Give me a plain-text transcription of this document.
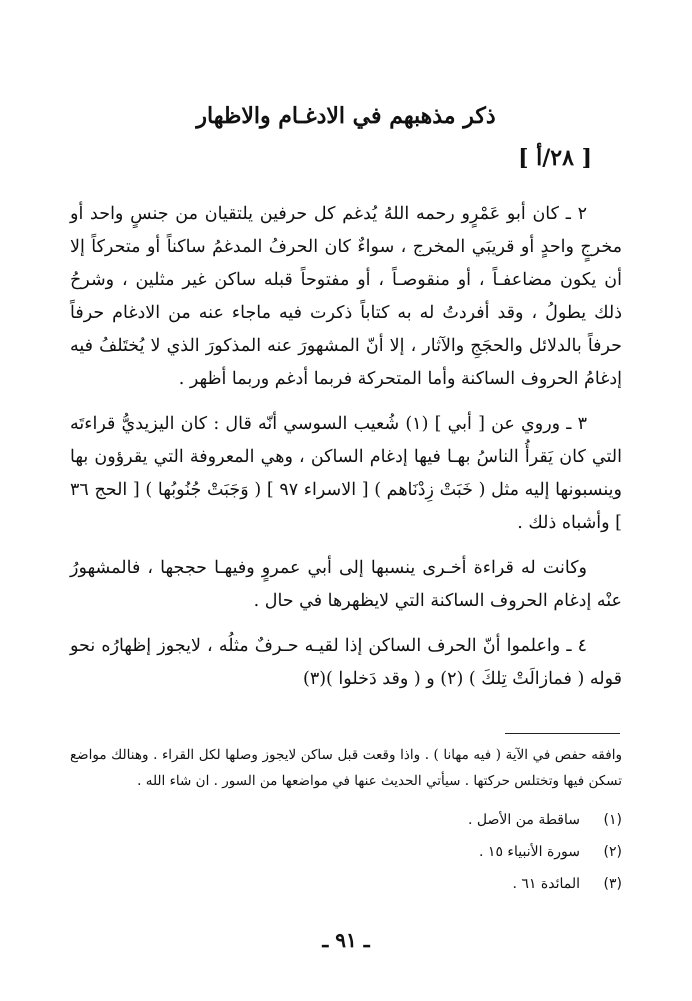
ذكر مذهبهم في الادغـام والاظهار
[ ٢٨/أ ]

٢ ـ كان أبو عَمْرٍو رحمه اللهُ يُدغم كل حرفين يلتقيان من جنسٍ واحد أو مخرجٍ واحدٍ أو قريبَي المخرج ، سواءٌ كان الحرفُ المدغمُ ساكناً أو متحركاً إلا أن يكون مضاعفـاً ، أو منقوصـاً ، أو مفتوحاً قبله ساكن غير مثلين ، وشرحُ ذلك يطولُ ، وقد أفردتُ له به كتاباً ذكرت فيه ماجاء عنه من الادغام حرفاً حرفاً بالدلائل والحجَجِ والآثار ، إلا أنّ المشهورَ عنه المذكورَ الذي لا يُختَلفُ فيه إدغامُ الحروف الساكنة وأما المتحركة فربما أدغم وربما أظهر .

٣ ـ وروي عن [ أبي ] (١) شُعيب السوسي أنّه قال : كان اليزيديُّ قراءتَه التي كان يَقرأُ الناسُ بهـا فيها إدغام الساكن ، وهي المعروفة التي يقرؤون بها وينسبونها إليه مثل ( خَبَتْ زِدْنَاهم ) [ الاسراء ٩٧ ] ( وَجَبَتْ جُنُوبُها ) [ الحج ٣٦ ] وأشباه ذلك .

وكانت له قراءة أخـرى ينسبها إلى أبي عمروٍ وفيهـا حججها ، فالمشهورُ عنْه إدغام الحروف الساكنة التي لايظهرها في حال .

٤ ـ واعلموا أنّ الحرف الساكن إذا لقيـه حـرفٌ مثلُه ، لايجوز إظهارُه نحو قوله ( فمازالَتْ تِلكَ ) (٢) و ( وقد دَخلوا )(٣)

وافقه حفص في الآية ( فيه مهانا ) . واذا وقعت قبل ساكن لايجوز وصلها لكل القراء . وهنالك مواضع تسكن فيها وتختلس حركتها . سيأتي الحديث عنها في مواضعها من السور . ان شاء الله .

(١)
ساقطة من الأصل .
(٢)
سورة الأنبياء ١٥ .
(٣)
المائدة ٦١ .
ـ ٩١ ـ
